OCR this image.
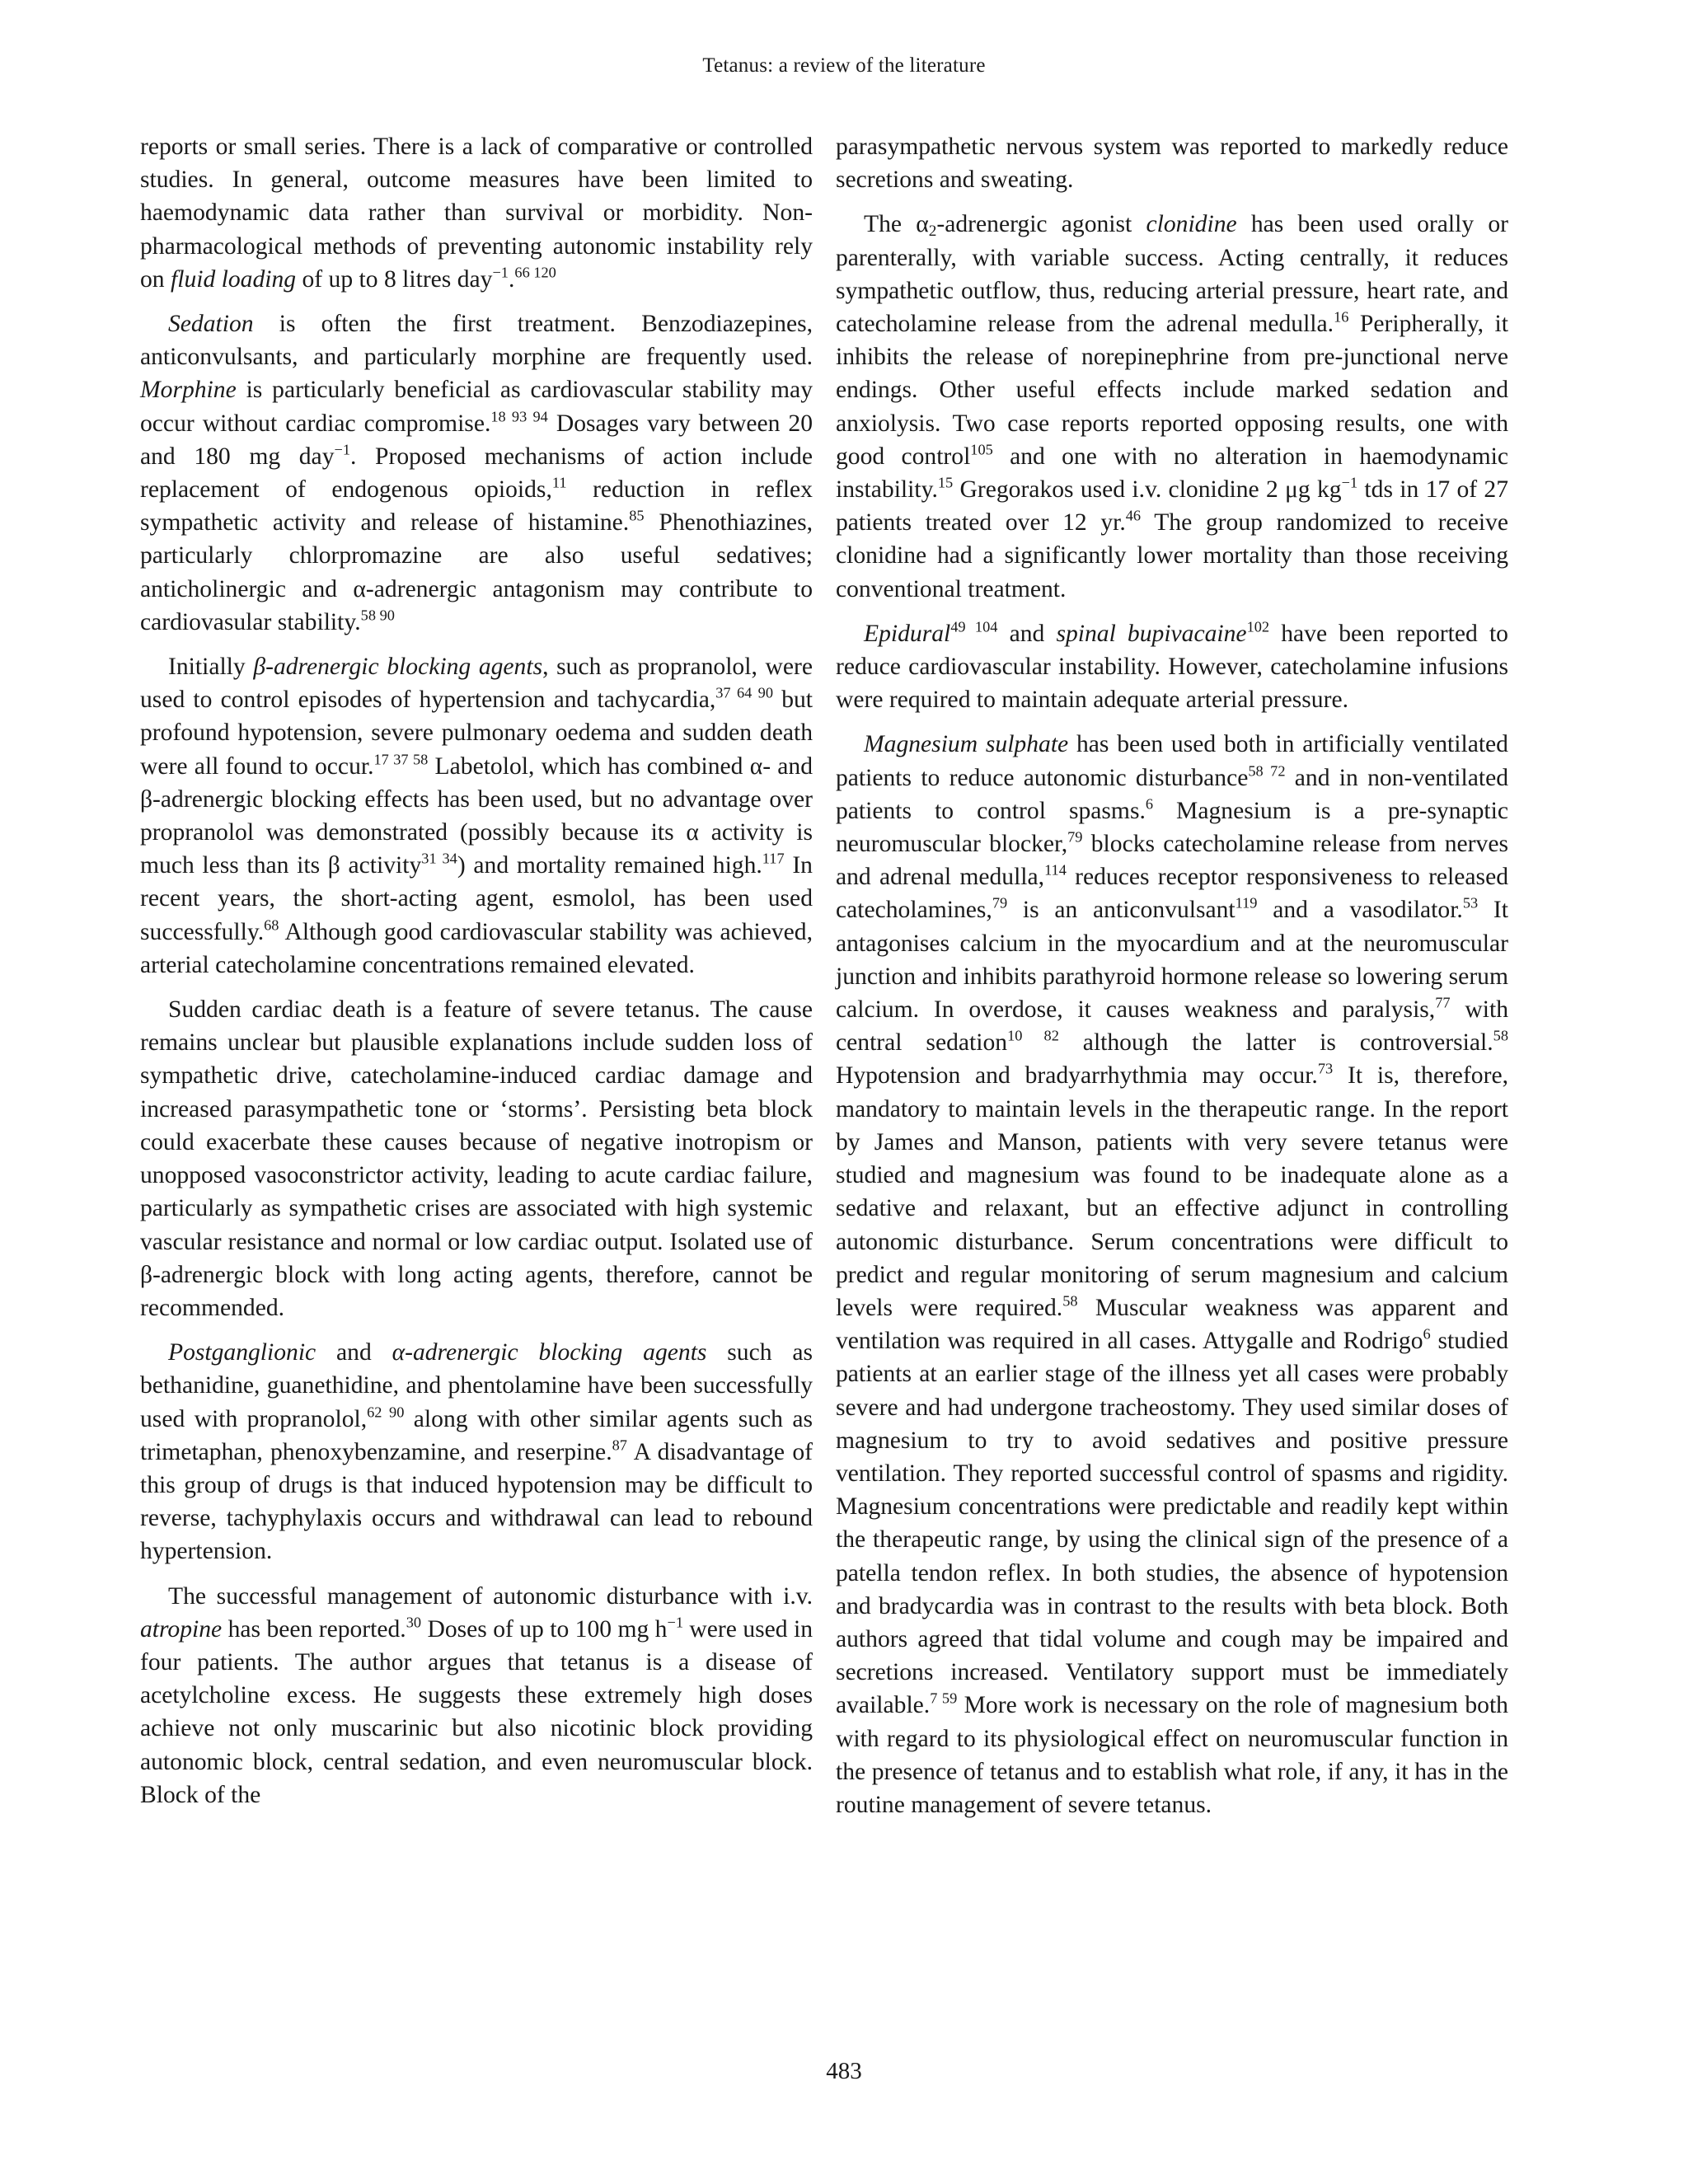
Tetanus: a review of the literature

reports or small series. There is a lack of comparative or controlled studies. In general, outcome measures have been limited to haemodynamic data rather than survival or morbidity. Non-pharmacological methods of preventing autonomic instability rely on fluid loading of up to 8 litres day$^{-1}$.$^{66 120}$

Sedation is often the first treatment. Benzodiazepines, anticonvulsants, and particularly morphine are frequently used. Morphine is particularly beneficial as cardiovascular stability may occur without cardiac compromise.$^{18 93 94}$ Dosages vary between 20 and 180 mg day$^{-1}$. Proposed mechanisms of action include replacement of endogenous opioids,$^{11}$ reduction in reflex sympathetic activity and release of histamine.$^{85}$ Phenothiazines, particularly chlorpromazine are also useful sedatives; anticholinergic and α-adrenergic antagonism may contribute to cardiovasular stability.$^{58 90}$

Initially β-adrenergic blocking agents, such as propranolol, were used to control episodes of hypertension and tachycardia,$^{37 64 90}$ but profound hypotension, severe pulmonary oedema and sudden death were all found to occur.$^{17 37 58}$ Labetolol, which has combined α- and β-adrenergic blocking effects has been used, but no advantage over propranolol was demonstrated (possibly because its α activity is much less than its β activity$^{31 34}$) and mortality remained high.$^{117}$ In recent years, the short-acting agent, esmolol, has been used successfully.$^{68}$ Although good cardiovascular stability was achieved, arterial catecholamine concentrations remained elevated.

Sudden cardiac death is a feature of severe tetanus. The cause remains unclear but plausible explanations include sudden loss of sympathetic drive, catecholamine-induced cardiac damage and increased parasympathetic tone or ‘storms’. Persisting beta block could exacerbate these causes because of negative inotropism or unopposed vasoconstrictor activity, leading to acute cardiac failure, particularly as sympathetic crises are associated with high systemic vascular resistance and normal or low cardiac output. Isolated use of β-adrenergic block with long acting agents, therefore, cannot be recommended.

Postganglionic and α-adrenergic blocking agents such as bethanidine, guanethidine, and phentolamine have been successfully used with propranolol,$^{62 90}$ along with other similar agents such as trimetaphan, phenoxybenzamine, and reserpine.$^{87}$ A disadvantage of this group of drugs is that induced hypotension may be difficult to reverse, tachyphylaxis occurs and withdrawal can lead to rebound hypertension.

The successful management of autonomic disturbance with i.v. atropine has been reported.$^{30}$ Doses of up to 100 mg $h^{-1}$ were used in four patients. The author argues that tetanus is a disease of acetylcholine excess. He suggests these extremely high doses achieve not only muscarinic but also nicotinic block providing autonomic block, central sedation, and even neuromuscular block. Block of the

parasympathetic nervous system was reported to markedly reduce secretions and sweating.

The $\alpha_2$-adrenergic agonist clonidine has been used orally or parenterally, with variable success. Acting centrally, it reduces sympathetic outflow, thus, reducing arterial pressure, heart rate, and catecholamine release from the adrenal medulla.$^{16}$ Peripherally, it inhibits the release of norepinephrine from pre-junctional nerve endings. Other useful effects include marked sedation and anxiolysis. Two case reports reported opposing results, one with good control$^{105}$ and one with no alteration in haemodynamic instability.$^{15}$ Gregorakos used i.v. clonidine 2 μg $kg^{-1}$ tds in 17 of 27 patients treated over 12 yr.$^{46}$ The group randomized to receive clonidine had a significantly lower mortality than those receiving conventional treatment.

Epidural$^{49 104}$ and spinal bupivacaine$^{102}$ have been reported to reduce cardiovascular instability. However, catecholamine infusions were required to maintain adequate arterial pressure.

Magnesium sulphate has been used both in artificially ventilated patients to reduce autonomic disturbance$^{58 72}$ and in non-ventilated patients to control spasms.$^6$ Magnesium is a pre-synaptic neuromuscular blocker,$^{79}$ blocks catecholamine release from nerves and adrenal medulla,$^{114}$ reduces receptor responsiveness to released catecholamines,$^{79}$ is an anticonvulsant$^{119}$ and a vasodilator.$^{53}$ It antagonises calcium in the myocardium and at the neuromuscular junction and inhibits parathyroid hormone release so lowering serum calcium. In overdose, it causes weakness and paralysis,$^{77}$ with central sedation$^{10 82}$ although the latter is controversial.$^{58}$ Hypotension and bradyarrhythmia may occur.$^{73}$ It is, therefore, mandatory to maintain levels in the therapeutic range. In the report by James and Manson, patients with very severe tetanus were studied and magnesium was found to be inadequate alone as a sedative and relaxant, but an effective adjunct in controlling autonomic disturbance. Serum concentrations were difficult to predict and regular monitoring of serum magnesium and calcium levels were required.$^{58}$ Muscular weakness was apparent and ventilation was required in all cases. Attygalle and Rodrigo$^6$ studied patients at an earlier stage of the illness yet all cases were probably severe and had undergone tracheostomy. They used similar doses of magnesium to try to avoid sedatives and positive pressure ventilation. They reported successful control of spasms and rigidity. Magnesium concentrations were predictable and readily kept within the therapeutic range, by using the clinical sign of the presence of a patella tendon reflex. In both studies, the absence of hypotension and bradycardia was in contrast to the results with beta block. Both authors agreed that tidal volume and cough may be impaired and secretions increased. Ventilatory support must be immediately available.$^{7 59}$ More work is necessary on the role of magnesium both with regard to its physiological effect on neuromuscular function in the presence of tetanus and to establish what role, if any, it has in the routine management of severe tetanus.

483
